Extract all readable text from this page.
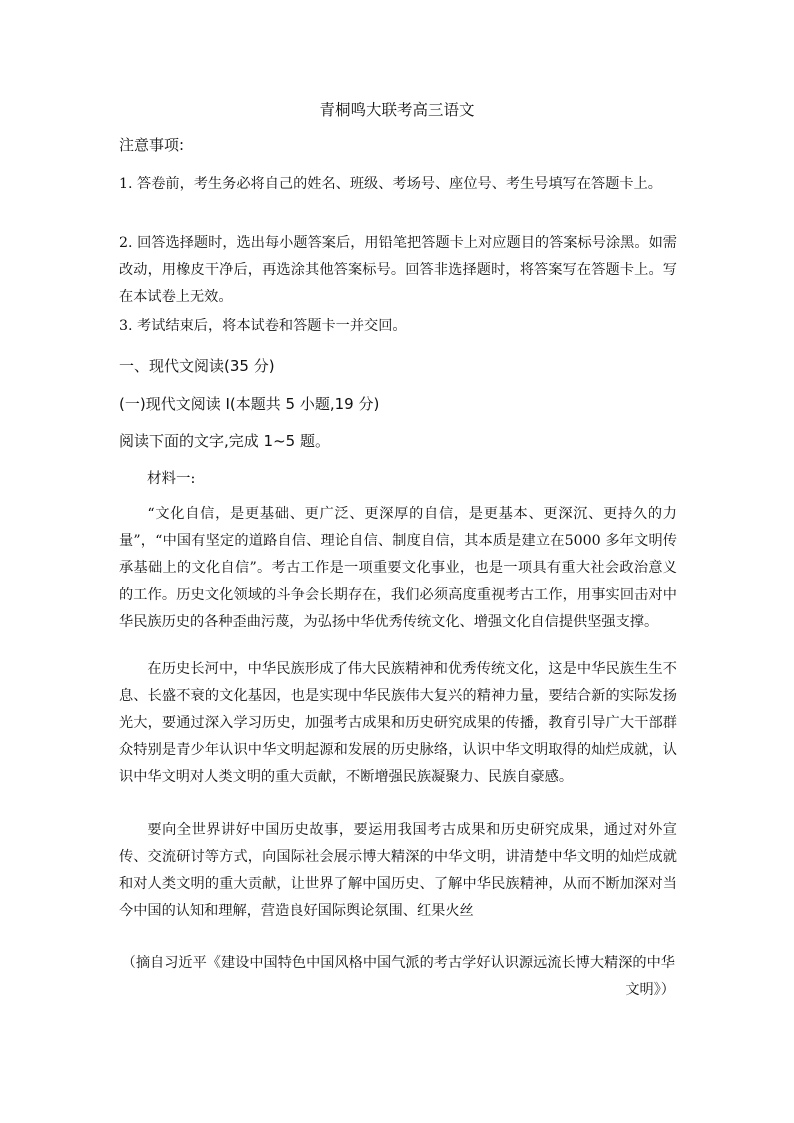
青桐鸣大联考高三语文
注意事项:
1. 答卷前，考生务必将自己的姓名、班级、考场号、座位号、考生号填写在答题卡上。
2. 回答选择题时，选出每小题答案后，用铅笔把答题卡上对应题目的答案标号涂黑。如需改动，用橡皮干净后，再选涂其他答案标号。回答非选择题时，将答案写在答题卡上。写在本试卷上无效。
3. 考试结束后，将本试卷和答题卡一并交回。
一、现代文阅读(35 分)
(一)现代文阅读 I(本题共 5 小题,19 分)
阅读下面的文字,完成 1~5 题。
材料一:
“文化自信，是更基础、更广泛、更深厚的自信，是更基本、更深沉、更持久的力量”，“中国有坚定的道路自信、理论自信、制度自信，其本质是建立在5000 多年文明传承基础上的文化自信”。考古工作是一项重要文化事业，也是一项具有重大社会政治意义的工作。历史文化领域的斗争会长期存在，我们必须高度重视考古工作，用事实回击对中华民族历史的各种歪曲污蔑，为弘扬中华优秀传统文化、增强文化自信提供坚强支撑。
在历史长河中，中华民族形成了伟大民族精神和优秀传统文化，这是中华民族生生不息、长盛不衰的文化基因，也是实现中华民族伟大复兴的精神力量，要结合新的实际发扬光大，要通过深入学习历史，加强考古成果和历史研究成果的传播，教育引导广大干部群众特别是青少年认识中华文明起源和发展的历史脉络，认识中华文明取得的灿烂成就，认识中华文明对人类文明的重大贡献，不断增强民族凝聚力、民族自豪感。
要向全世界讲好中国历史故事，要运用我国考古成果和历史研究成果，通过对外宣传、交流研讨等方式，向国际社会展示博大精深的中华文明，讲清楚中华文明的灿烂成就和对人类文明的重大贡献，让世界了解中国历史、了解中华民族精神，从而不断加深对当今中国的认知和理解，营造良好国际舆论氛围、红果火丝
（摘自习近平《建设中国特色中国风格中国气派的考古学好认识源远流长博大精深的中华文明》）
